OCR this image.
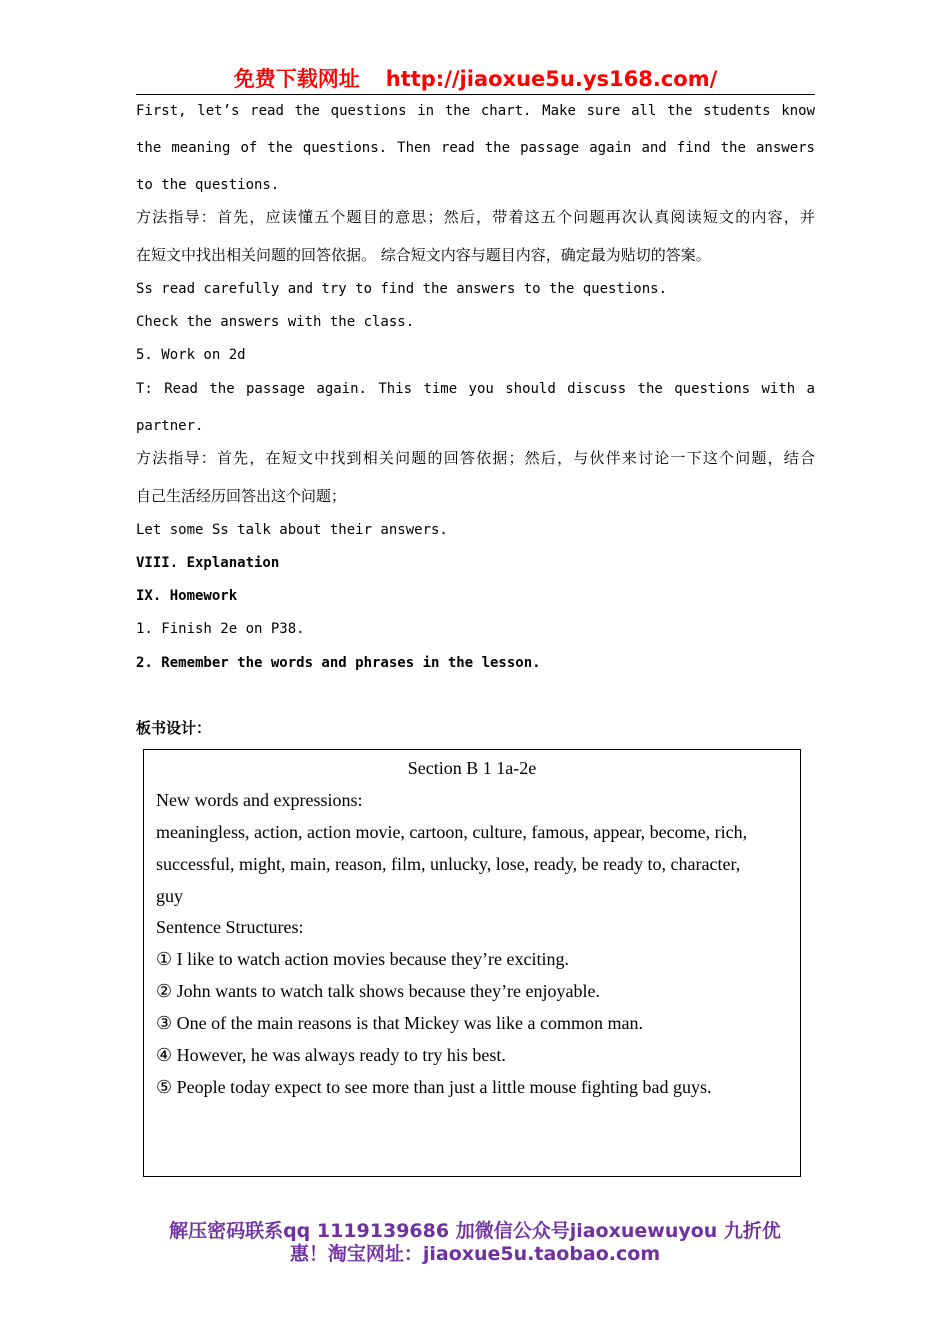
免费下载网址 http://jiaoxue5u.ys168.com/
First, let’s read the questions in the chart. Make sure all the students know
the meaning of the questions. Then read the passage again and find the answers
to the questions.
方法指导：首先，应读懂五个题目的意思；然后，带着这五个问题再次认真阅读短文的内容，并
在短文中找出相关问题的回答依据。 综合短文内容与题目内容，确定最为贴切的答案。
Ss read carefully and try to find the answers to the questions.
Check the answers with the class.
5. Work on 2d
T: Read the passage again. This time you should discuss the questions with a
partner.
方法指导：首先，在短文中找到相关问题的回答依据；然后，与伙伴来讨论一下这个问题，结合
自己生活经历回答出这个问题；
Let some Ss talk about their answers.
VIII. Explanation
IX. Homework
1. Finish 2e on P38.
2. Remember the words and phrases in the lesson.
板书设计：
Section B 1 1a-2e
New words and expressions:
meaningless, action, action movie, cartoon, culture, famous, appear, become, rich,
successful, might, main, reason, film, unlucky, lose, ready, be ready to, character,
guy
Sentence Structures:
① I like to watch action movies because they’re exciting.
② John wants to watch talk shows because they’re enjoyable.
③ One of the main reasons is that Mickey was like a common man.
④ However, he was always ready to try his best.
⑤ People today expect to see more than just a little mouse fighting bad guys.
解压密码联系qq 1119139686 加微信公众号jiaoxuewuyou 九折优
惠！淘宝网址：jiaoxue5u.taobao.com
